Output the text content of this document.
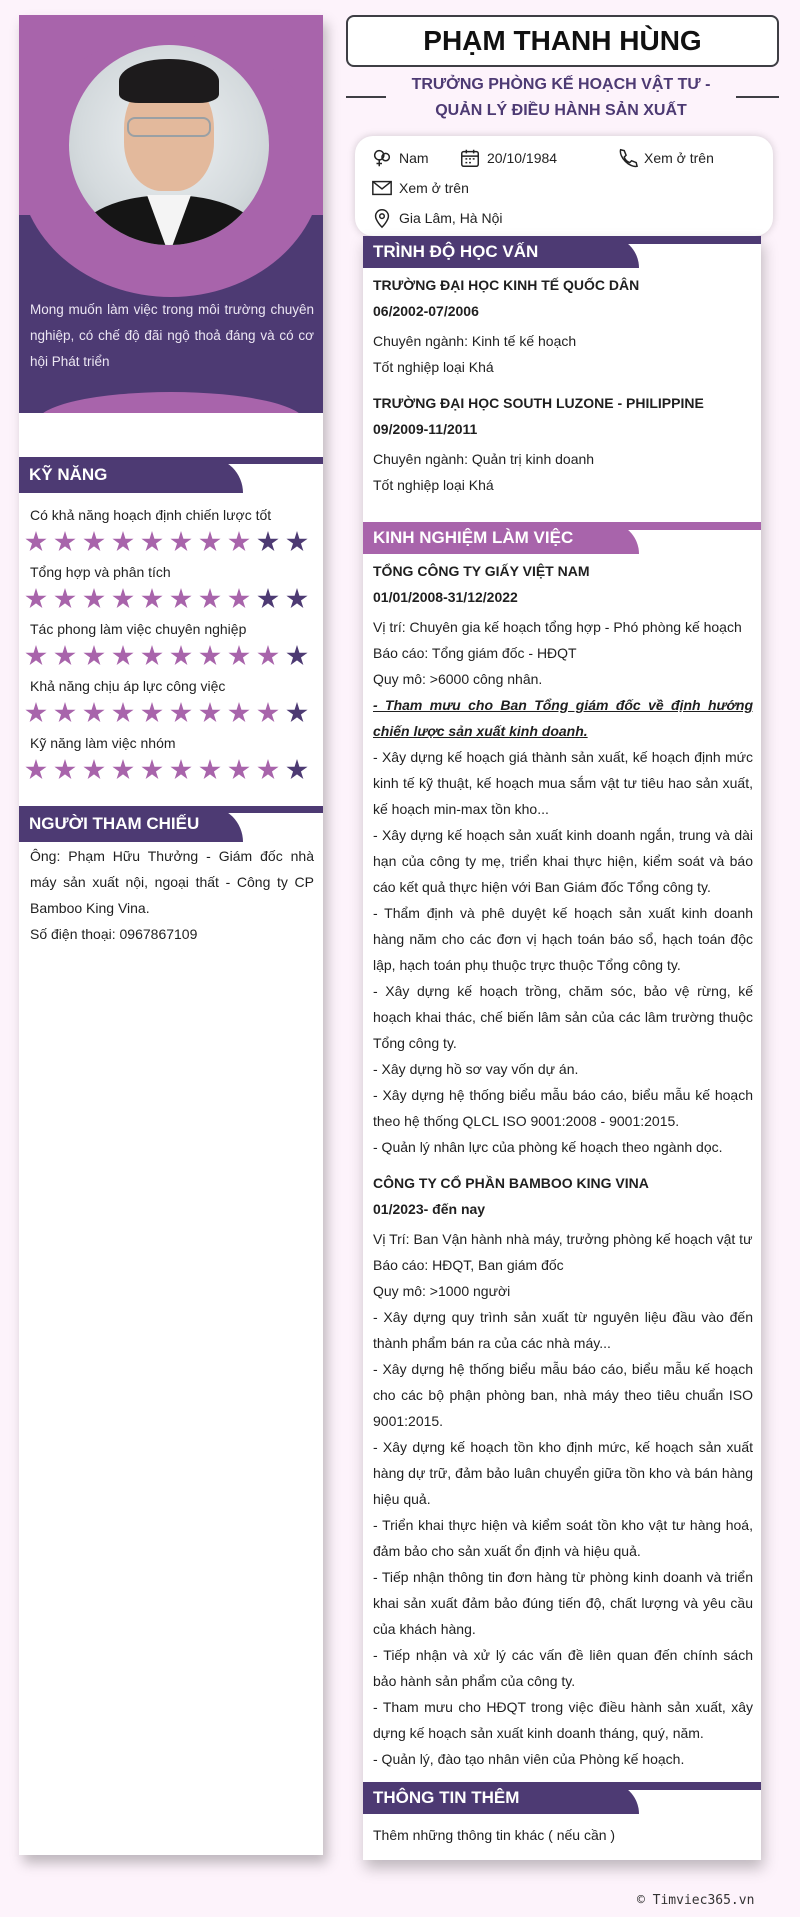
Mong muốn làm việc trong môi trường chuyên nghiệp, có chế độ đãi ngộ thoả đáng và có cơ hội Phát triển
KỸ NĂNG
Có khả năng hoạch định chiến lược tốt
Tổng hợp và phân tích
Tác phong làm việc chuyên nghiệp
Khả năng chịu áp lực công việc
Kỹ năng làm việc nhóm
NGƯỜI THAM CHIẾU

Ông: Phạm Hữu Thưởng - Giám đốc nhà máy sản xuất nội, ngoại thất - Công ty CP Bamboo King Vina.

Số điện thoại: 0967867109

PHẠM THANH HÙNG
TRƯỞNG PHÒNG KẾ HOẠCH VẬT TƯ - QUẢN LÝ ĐIỀU HÀNH SẢN XUẤT
Nam	20/10/1984	Xem ở trên
Xem ở trên
Gia Lâm, Hà Nội
TRÌNH ĐỘ HỌC VẤN

TRƯỜNG ĐẠI HỌC KINH TẾ QUỐC DÂN

06/2002-07/2006

Chuyên ngành: Kinh tế kế hoạch

Tốt nghiệp loại Khá

TRƯỜNG ĐẠI HỌC SOUTH LUZONE - PHILIPPINE

09/2009-11/2011

Chuyên ngành: Quản trị kinh doanh

Tốt nghiệp loại Khá

KINH NGHIỆM LÀM VIỆC

TỔNG CÔNG TY GIẤY VIỆT NAM

01/01/2008-31/12/2022

Vị trí: Chuyên gia kế hoạch tổng hợp - Phó phòng kế hoạch

Báo cáo: Tổng giám đốc - HĐQT

Quy mô: >6000 công nhân.

- Tham mưu cho Ban Tổng giám đốc về định hướng chiến lược sản xuất kinh doanh.

- Xây dựng kế hoạch giá thành sản xuất, kế hoạch định mức kinh tế kỹ thuật, kế hoạch mua sắm vật tư tiêu hao sản xuất, kế hoạch min-max tồn kho...

- Xây dựng kế hoạch sản xuất kinh doanh ngắn, trung và dài hạn của công ty mẹ, triển khai thực hiện, kiểm soát và báo cáo kết quả thực hiện với Ban Giám đốc Tổng công ty.

- Thẩm định và phê duyệt kế hoạch sản xuất kinh doanh hàng năm cho các đơn vị hạch toán báo sổ, hạch toán độc lập, hạch toán phụ thuộc trực thuộc Tổng công ty.

- Xây dựng kế hoạch trồng, chăm sóc, bảo vệ rừng, kế hoạch khai thác, chế biến lâm sản của các lâm trường thuộc Tổng công ty.

- Xây dựng hồ sơ vay vốn dự án.

- Xây dựng hệ thống biểu mẫu báo cáo, biểu mẫu kế hoạch theo hệ thống QLCL ISO 9001:2008 - 9001:2015.

- Quản lý nhân lực của phòng kế hoạch theo ngành dọc.

CÔNG TY CỔ PHẦN BAMBOO KING VINA

01/2023- đến nay

Vị Trí: Ban Vận hành nhà máy, trưởng phòng kế hoạch vật tư

Báo cáo: HĐQT, Ban giám đốc

Quy mô: >1000 người

- Xây dựng quy trình sản xuất từ nguyên liệu đầu vào đến thành phẩm bán ra của các nhà máy...

- Xây dựng hệ thống biểu mẫu báo cáo, biểu mẫu kế hoạch cho các bộ phận phòng ban, nhà máy theo tiêu chuẩn ISO 9001:2015.

- Xây dựng kế hoạch tồn kho định mức, kế hoạch sản xuất hàng dự trữ, đảm bảo luân chuyển giữa tồn kho và bán hàng hiệu quả.

- Triển khai thực hiện và kiểm soát tồn kho vật tư hàng hoá, đảm bảo cho sản xuất ổn định và hiệu quả.

- Tiếp nhận thông tin đơn hàng từ phòng kinh doanh và triển khai sản xuất đảm bảo đúng tiến độ, chất lượng và yêu cầu của khách hàng.

- Tiếp nhận và xử lý các vấn đề liên quan đến chính sách bảo hành sản phẩm của công ty.

- Tham mưu cho HĐQT trong việc điều hành sản xuất, xây dựng kế hoạch sản xuất kinh doanh tháng, quý, năm.

- Quản lý, đào tạo nhân viên của Phòng kế hoạch.

THÔNG TIN THÊM

Thêm những thông tin khác ( nếu cần )

© Timviec365.vn
